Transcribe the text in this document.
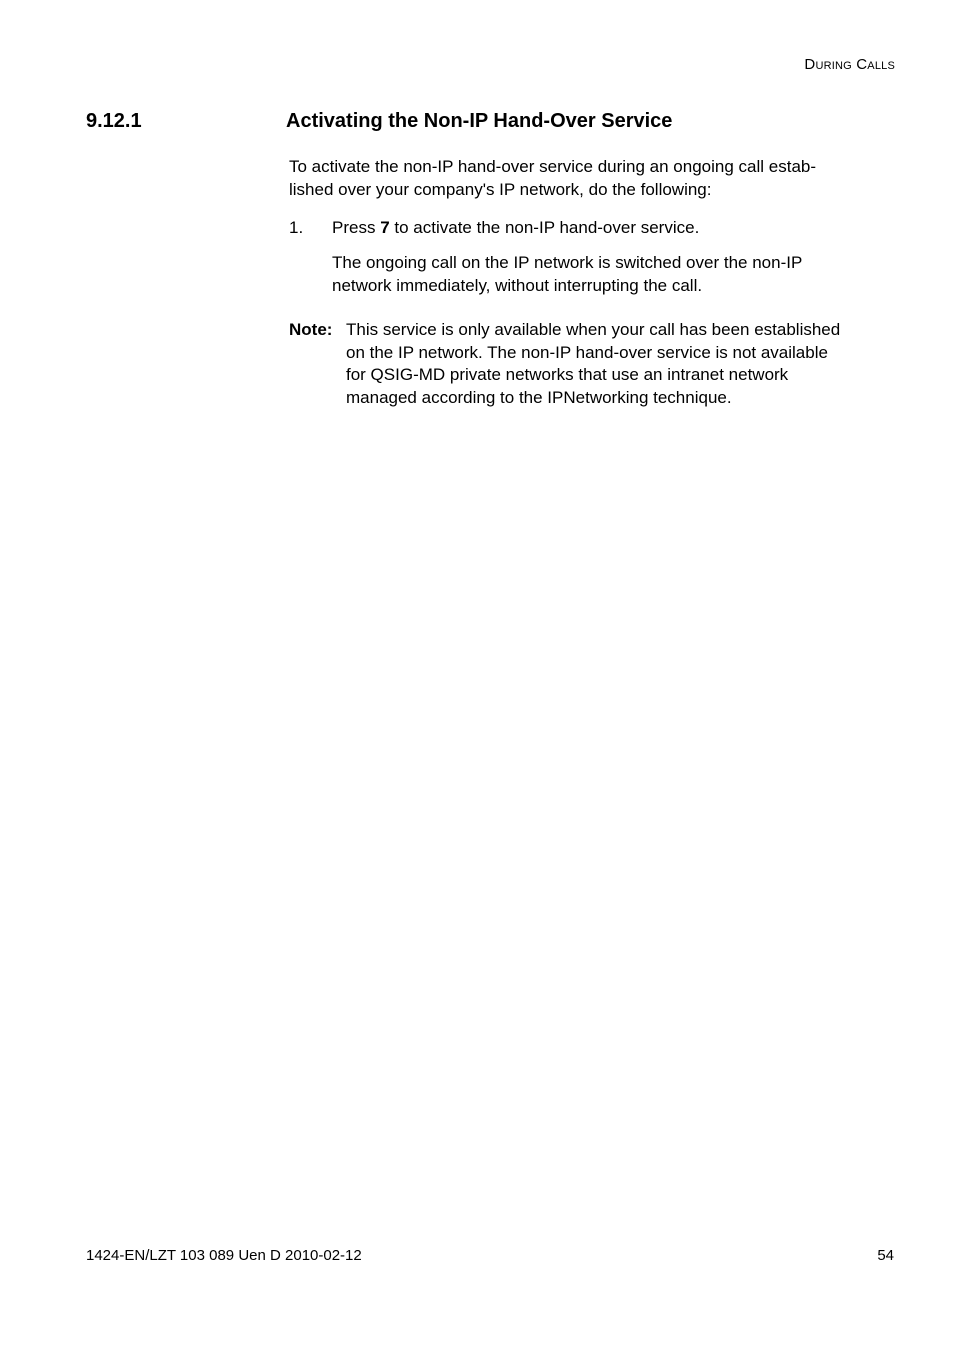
During Calls
9.12.1	Activating the Non-IP Hand-Over Service
To activate the non-IP hand-over service during an ongoing call estab-
lished over your company's IP network, do the following:
1. Press 7 to activate the non-IP hand-over service.
The ongoing call on the IP network is switched over the non-IP
network immediately, without interrupting the call.
Note: This service is only available when your call has been established
on the IP network. The non-IP hand-over service is not available
for QSIG-MD private networks that use an intranet network
managed according to the IPNetworking technique.
1424-EN/LZT 103 089 Uen D 2010-02-12	54
